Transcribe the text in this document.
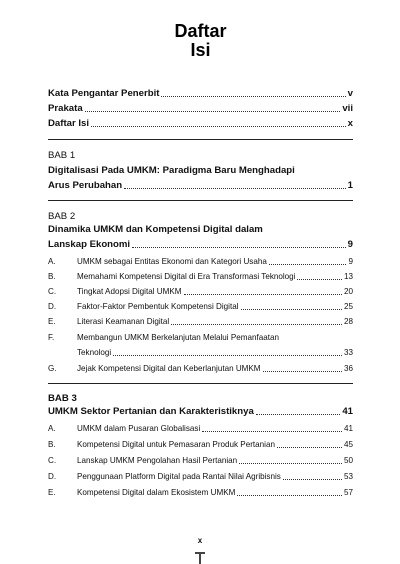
Daftar
Isi
Kata Pengantar Penerbit	v
Prakata	vii
Daftar Isi	x
BAB 1
Digitalisasi Pada UMKM: Paradigma Baru Menghadapi
Arus Perubahan	1
BAB 2
Dinamika UMKM dan Kompetensi Digital dalam
Lanskap Ekonomi	9
A.	UMKM sebagai Entitas Ekonomi dan Kategori Usaha	9
B.	Memahami Kompetensi Digital di Era Transformasi Teknologi	13
C.	Tingkat Adopsi Digital UMKM	20
D.	Faktor-Faktor Pembentuk Kompetensi Digital	25
E.	Literasi Keamanan Digital	28
F.	Membangun UMKM Berkelanjutan Melalui Pemanfaatan
Teknologi	33
G.	Jejak Kompetensi Digital dan Keberlanjutan UMKM	36
BAB 3
UMKM Sektor Pertanian dan Karakteristiknya	41
A.	UMKM dalam Pusaran Globalisasi	41
B.	Kompetensi Digital untuk Pemasaran Produk Pertanian	45
C.	Lanskap UMKM Pengolahan Hasil Pertanian	50
D.	Penggunaan Platform Digital pada Rantai Nilai Agribisnis	53
E.	Kompetensi Digital dalam Ekosistem UMKM	57
x
